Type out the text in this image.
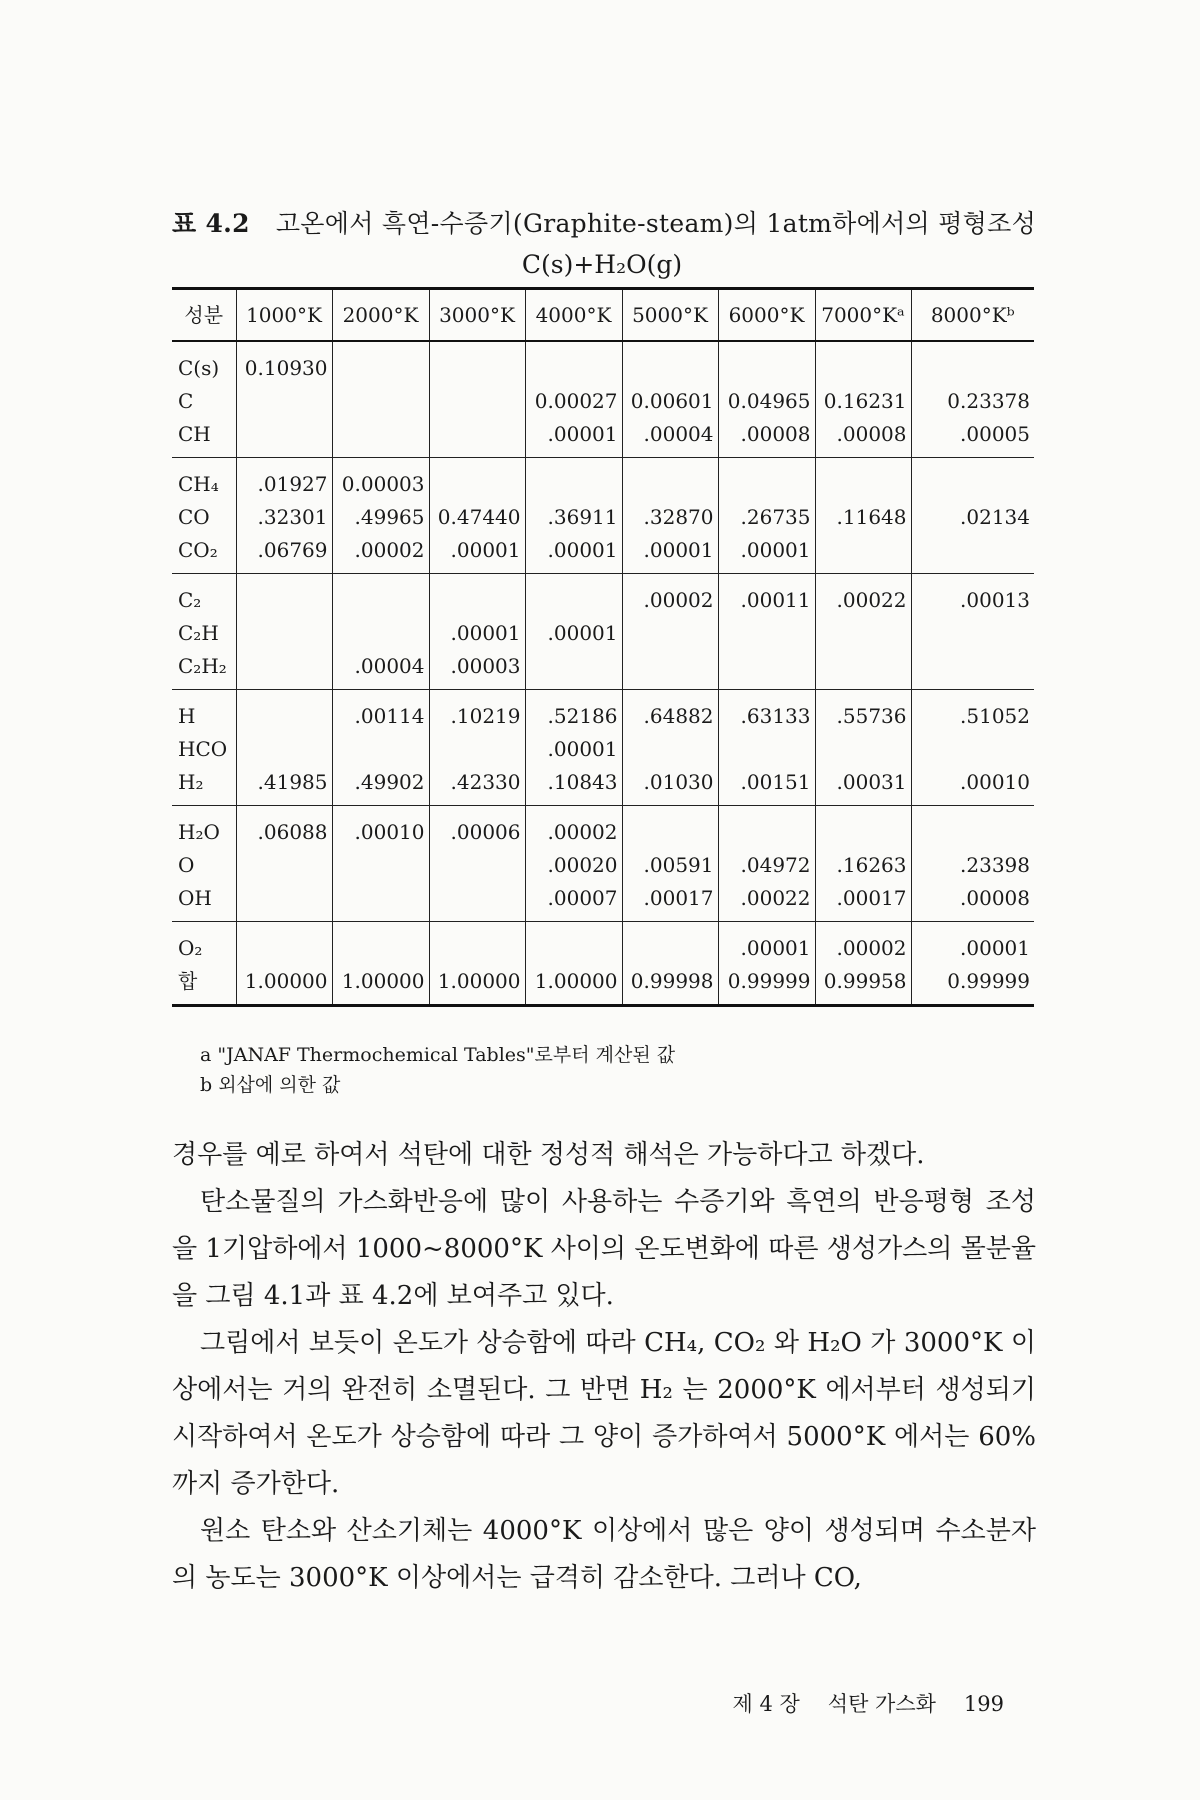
표 4.2 고온에서 흑연-수증기(Graphite-steam)의 1atm하에서의 평형조성
C(s)+H₂O(g)
성분	1000°K	2000°K	3000°K	4000°K	5000°K	6000°K	7000°Kᵃ	8000°Kᵇ
C(s)	0.10930							
C				0.00027	0.00601	0.04965	0.16231	0.23378
CH				.00001	.00004	.00008	.00008	.00005
CH₄	.01927	0.00003						
CO	.32301	.49965	0.47440	.36911	.32870	.26735	.11648	.02134
CO₂	.06769	.00002	.00001	.00001	.00001	.00001		
C₂					.00002	.00011	.00022	.00013
C₂H			.00001	.00001				
C₂H₂		.00004	.00003					
H		.00114	.10219	.52186	.64882	.63133	.55736	.51052
HCO				.00001				
H₂	.41985	.49902	.42330	.10843	.01030	.00151	.00031	.00010
H₂O	.06088	.00010	.00006	.00002				
O				.00020	.00591	.04972	.16263	.23398
OH				.00007	.00017	.00022	.00017	.00008
O₂						.00001	.00002	.00001
합	1.00000	1.00000	1.00000	1.00000	0.99998	0.99999	0.99958	0.99999
a "JANAF Thermochemical Tables"로부터 계산된 값
b 외삽에 의한 값

경우를 예로 하여서 석탄에 대한 정성적 해석은 가능하다고 하겠다.

탄소물질의 가스화반응에 많이 사용하는 수증기와 흑연의 반응평형 조성을 1기압하에서 1000~8000°K 사이의 온도변화에 따른 생성가스의 몰분율을 그림 4.1과 표 4.2에 보여주고 있다.

그림에서 보듯이 온도가 상승함에 따라 CH₄, CO₂ 와 H₂O 가 3000°K 이상에서는 거의 완전히 소멸된다. 그 반면 H₂ 는 2000°K 에서부터 생성되기 시작하여서 온도가 상승함에 따라 그 양이 증가하여서 5000°K 에서는 60%까지 증가한다.

원소 탄소와 산소기체는 4000°K 이상에서 많은 양이 생성되며 수소분자의 농도는 3000°K 이상에서는 급격히 감소한다. 그러나 CO,

제 4 장 석탄 가스화 199
